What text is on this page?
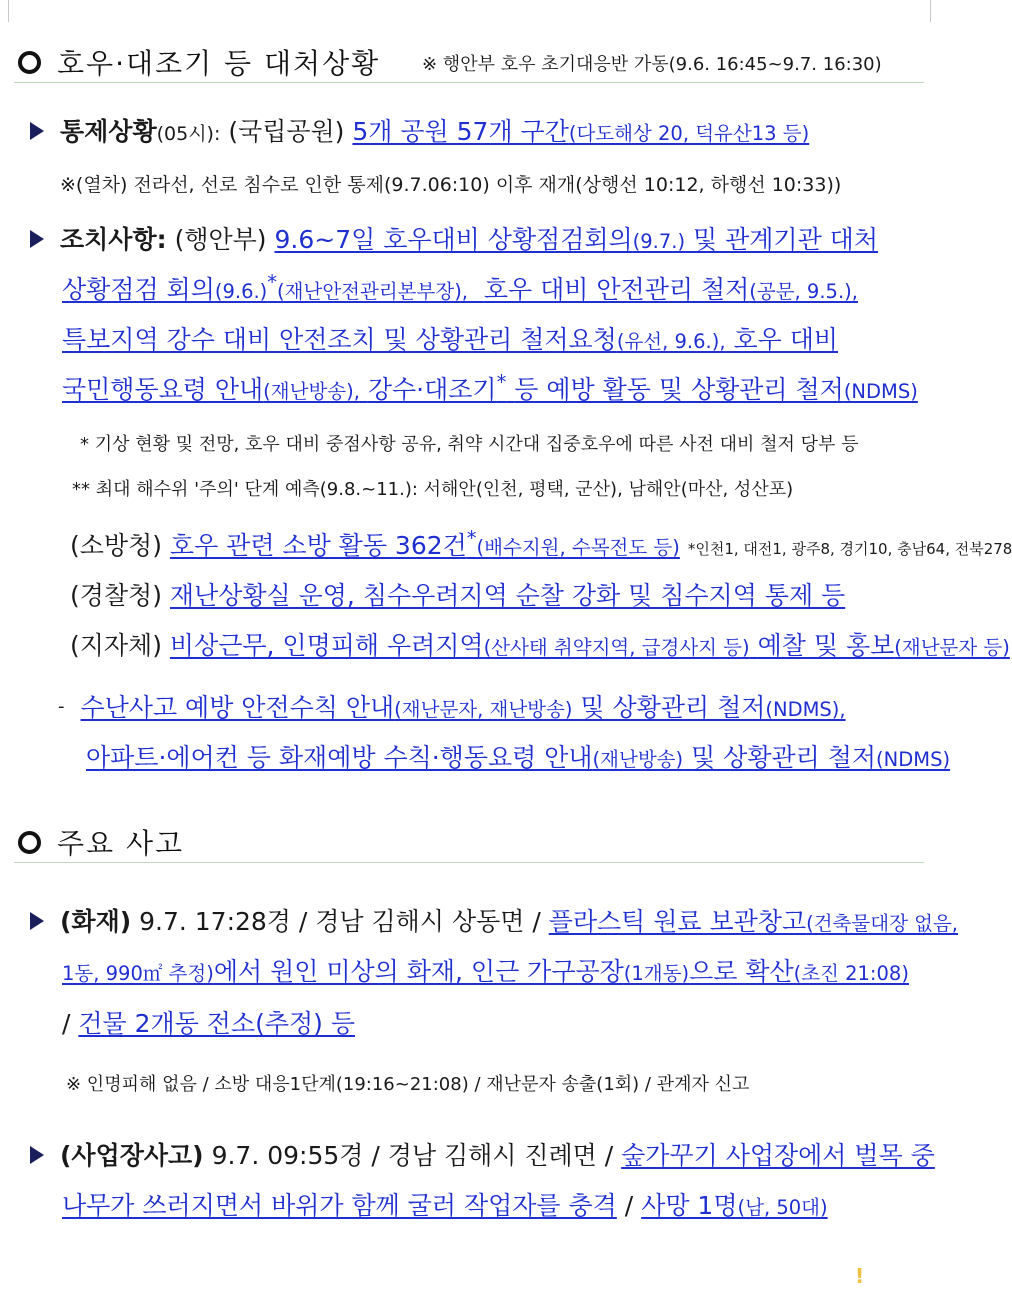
호우·대조기 등 대처상황 ※ 행안부 호우 초기대응반 가동(9.6. 16:45~9.7. 16:30)
통제상황(05시): (국립공원) 5개 공원 57개 구간(다도해상 20, 덕유산13 등)
※(열차) 전라선, 선로 침수로 인한 통제(9.7.06:10) 이후 재개(상행선 10:12, 하행선 10:33))
조치사항: (행안부) 9.6~7일 호우대비 상황점검회의(9.7.) 및 관계기관 대처
상황점검 회의(9.6.)*(재난안전관리본부장), 호우 대비 안전관리 철저(공문, 9.5.),
특보지역 강수 대비 안전조치 및 상황관리 철저요청(유선, 9.6.), 호우 대비
국민행동요령 안내(재난방송), 강수·대조기* 등 예방 활동 및 상황관리 철저(NDMS)
* 기상 현황 및 전망, 호우 대비 중점사항 공유, 취약 시간대 집중호우에 따른 사전 대비 철저 당부 등
** 최대 해수위 '주의' 단계 예측(9.8.~11.): 서해안(인천, 평택, 군산), 남해안(마산, 성산포)
(소방청) 호우 관련 소방 활동 362건*(배수지원, 수목전도 등) *인천1, 대전1, 광주8, 경기10, 충남64, 전북278
(경찰청) 재난상황실 운영, 침수우려지역 순찰 강화 및 침수지역 통제 등
(지자체) 비상근무, 인명피해 우려지역(산사태 취약지역, 급경사지 등) 예찰 및 홍보(재난문자 등)
- 수난사고 예방 안전수칙 안내(재난문자, 재난방송) 및 상황관리 철저(NDMS),
아파트·에어컨 등 화재예방 수칙·행동요령 안내(재난방송) 및 상황관리 철저(NDMS)
주요 사고
(화재) 9.7. 17:28경 / 경남 김해시 상동면 / 플라스틱 원료 보관창고(건축물대장 없음,
1동, 990㎡ 추정)에서 원인 미상의 화재, 인근 가구공장(1개동)으로 확산(초진 21:08)
/ 건물 2개동 전소(추정) 등
※ 인명피해 없음 / 소방 대응1단계(19:16~21:08) / 재난문자 송출(1회) / 관계자 신고
(사업장사고) 9.7. 09:55경 / 경남 김해시 진례면 / 숲가꾸기 사업장에서 벌목 중
나무가 쓰러지면서 바위가 함께 굴러 작업자를 충격 / 사망 1명(남, 50대)
!
